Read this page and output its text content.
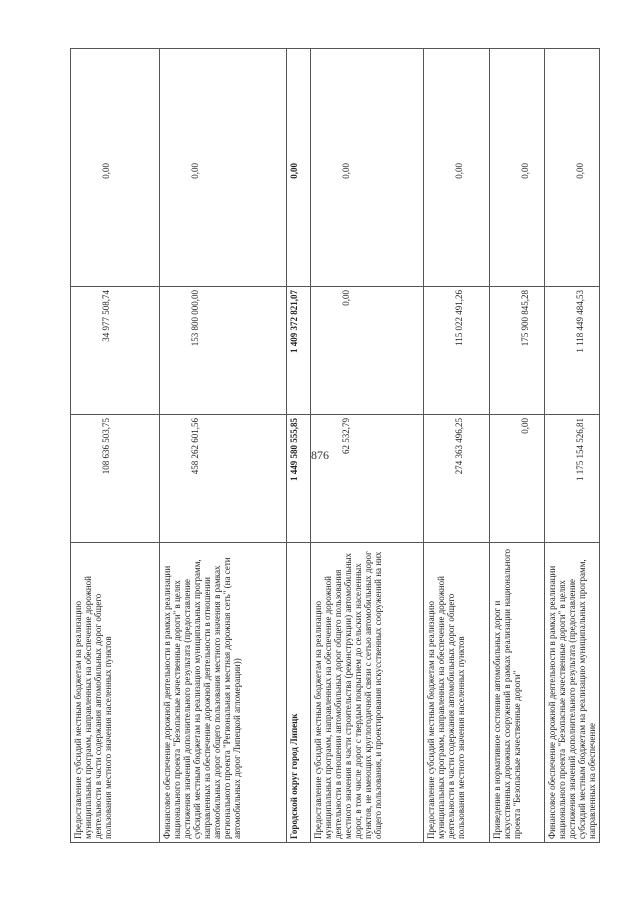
876
Предоставление субсидий местным бюджетам на реализацию муниципальных программ, направленных на обеспечение дорожной деятельности в части содержания автомобильных дорог общего пользования местного значения населенных пунктов
108 636 503,75
34 977 508,74
0,00
Финансовое обеспечение дорожной деятельности в рамках реализации национального проекта "Безопасные качественные дороги" в целях достижения значений дополнительного результата (предоставление субсидий местным бюджетам на реализацию муниципальных программ, направленных на обеспечение дорожной деятельности в отношении автомобильных дорог общего пользования местного значения в рамках регионального проекта "Региональная и местная дорожная сеть" (на сети автомобильных дорог Липецкой агломерации))
458 262 601,56
153 800 000,00
0,00
Городской округ город Липецк
1 449 580 555,85
1 409 372 821,07
0,00
Предоставление субсидий местным бюджетам на реализацию муниципальных программ, направленных на обеспечение дорожной деятельности в отношении автомобильных дорог общего пользования местного значения в части строительства (реконструкции) автомобильных дорог, в том числе дорог с твердым покрытием до сельских населенных пунктов, не имеющих круглогодичной связи с сетью автомобильных дорог общего пользования, и проектирования искусственных сооружений на них
62 532,79
0,00
0,00
Предоставление субсидий местным бюджетам на реализацию муниципальных программ, направленных на обеспечение дорожной деятельности в части содержания автомобильных дорог общего пользования местного значения населенных пунктов
274 363 496,25
115 022 491,26
0,00
Приведение в нормативное состояние автомобильных дорог и искусственных дорожных сооружений в рамках реализации национального проекта "Безопасные качественные дороги"
0,00
175 900 845,28
0,00
Финансовое обеспечение дорожной деятельности в рамках реализации национального проекта "Безопасные качественные дороги" в целях достижения значений дополнительного результата (предоставление субсидий местным бюджетам на реализацию муниципальных программ, направленных на обеспечение
1 175 154 526,81
1 118 449 484,53
0,00
